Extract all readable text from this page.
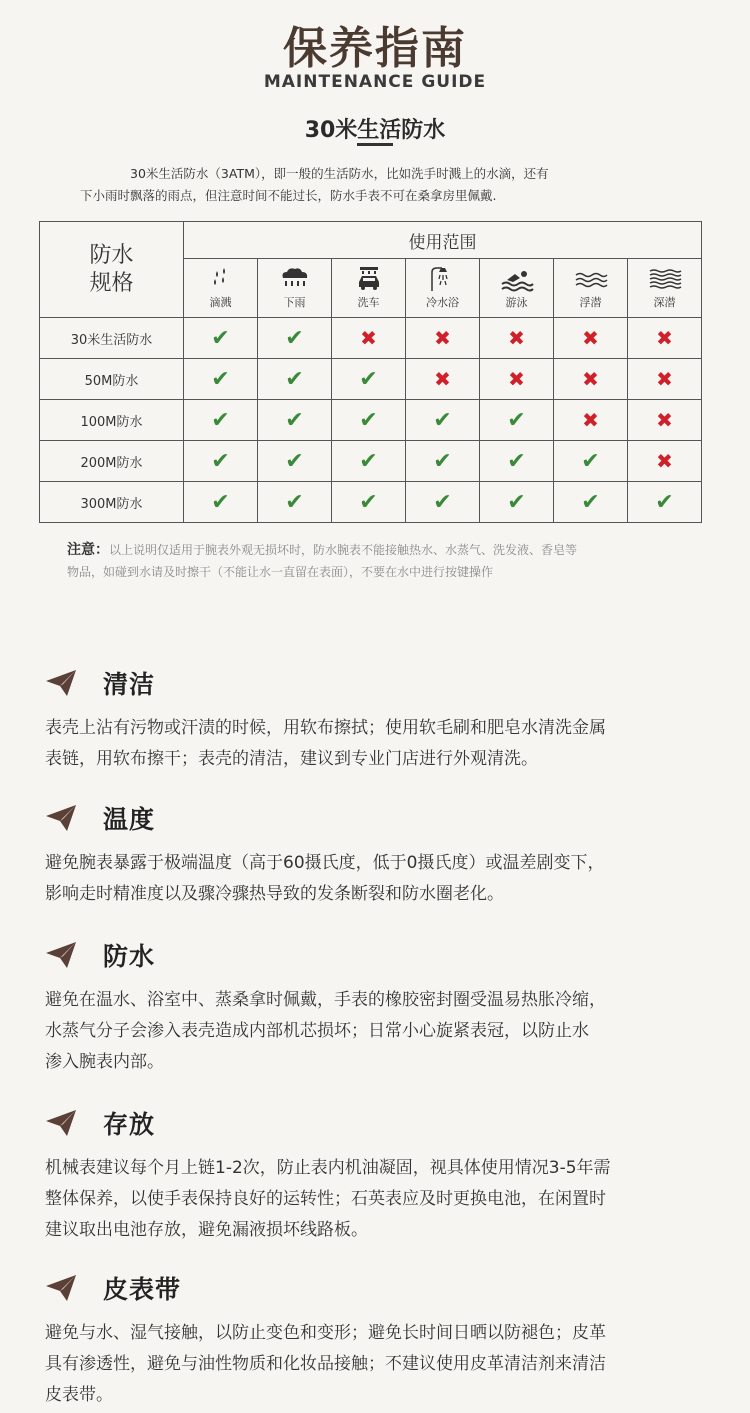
保养指南
MAINTENANCE GUIDE
30米生活防水
30米生活防水（3ATM），即一般的生活防水，比如洗手时溅上的水滴，还有
下小雨时飘落的雨点，但注意时间不能过长，防水手表不可在桑拿房里佩戴.
防水
规格	使用范围						

滴溅	下雨	洗车	冷水浴	游泳	浮潜	深潜
30米生活防水	✔	✔	✖	✖	✖	✖	✖
50M防水	✔	✔	✔	✖	✖	✖	✖
100M防水	✔	✔	✔	✔	✔	✖	✖
200M防水	✔	✔	✔	✔	✔	✔	✖
300M防水	✔	✔	✔	✔	✔	✔	✔
注意：以上说明仅适用于腕表外观无损坏时，防水腕表不能接触热水、水蒸气、洗发液、香皂等
物品，如碰到水请及时擦干（不能让水一直留在表面），不要在水中进行按键操作
清洁
表壳上沾有污物或汗渍的时候，用软布擦拭；使用软毛刷和肥皂水清洗金属
表链，用软布擦干；表壳的清洁，建议到专业门店进行外观清洗。
温度
避免腕表暴露于极端温度（高于60摄氏度，低于0摄氏度）或温差剧变下，
影响走时精准度以及骤冷骤热导致的发条断裂和防水圈老化。
防水
避免在温水、浴室中、蒸桑拿时佩戴，手表的橡胶密封圈受温易热胀冷缩，
水蒸气分子会渗入表壳造成内部机芯损坏；日常小心旋紧表冠，以防止水
渗入腕表内部。
存放
机械表建议每个月上链1-2次，防止表内机油凝固，视具体使用情况3-5年需
整体保养，以使手表保持良好的运转性；石英表应及时更换电池，在闲置时
建议取出电池存放，避免漏液损坏线路板。
皮表带
避免与水、湿气接触，以防止变色和变形；避免长时间日晒以防褪色；皮革
具有渗透性，避免与油性物质和化妆品接触；不建议使用皮革清洁剂来清洁
皮表带。
